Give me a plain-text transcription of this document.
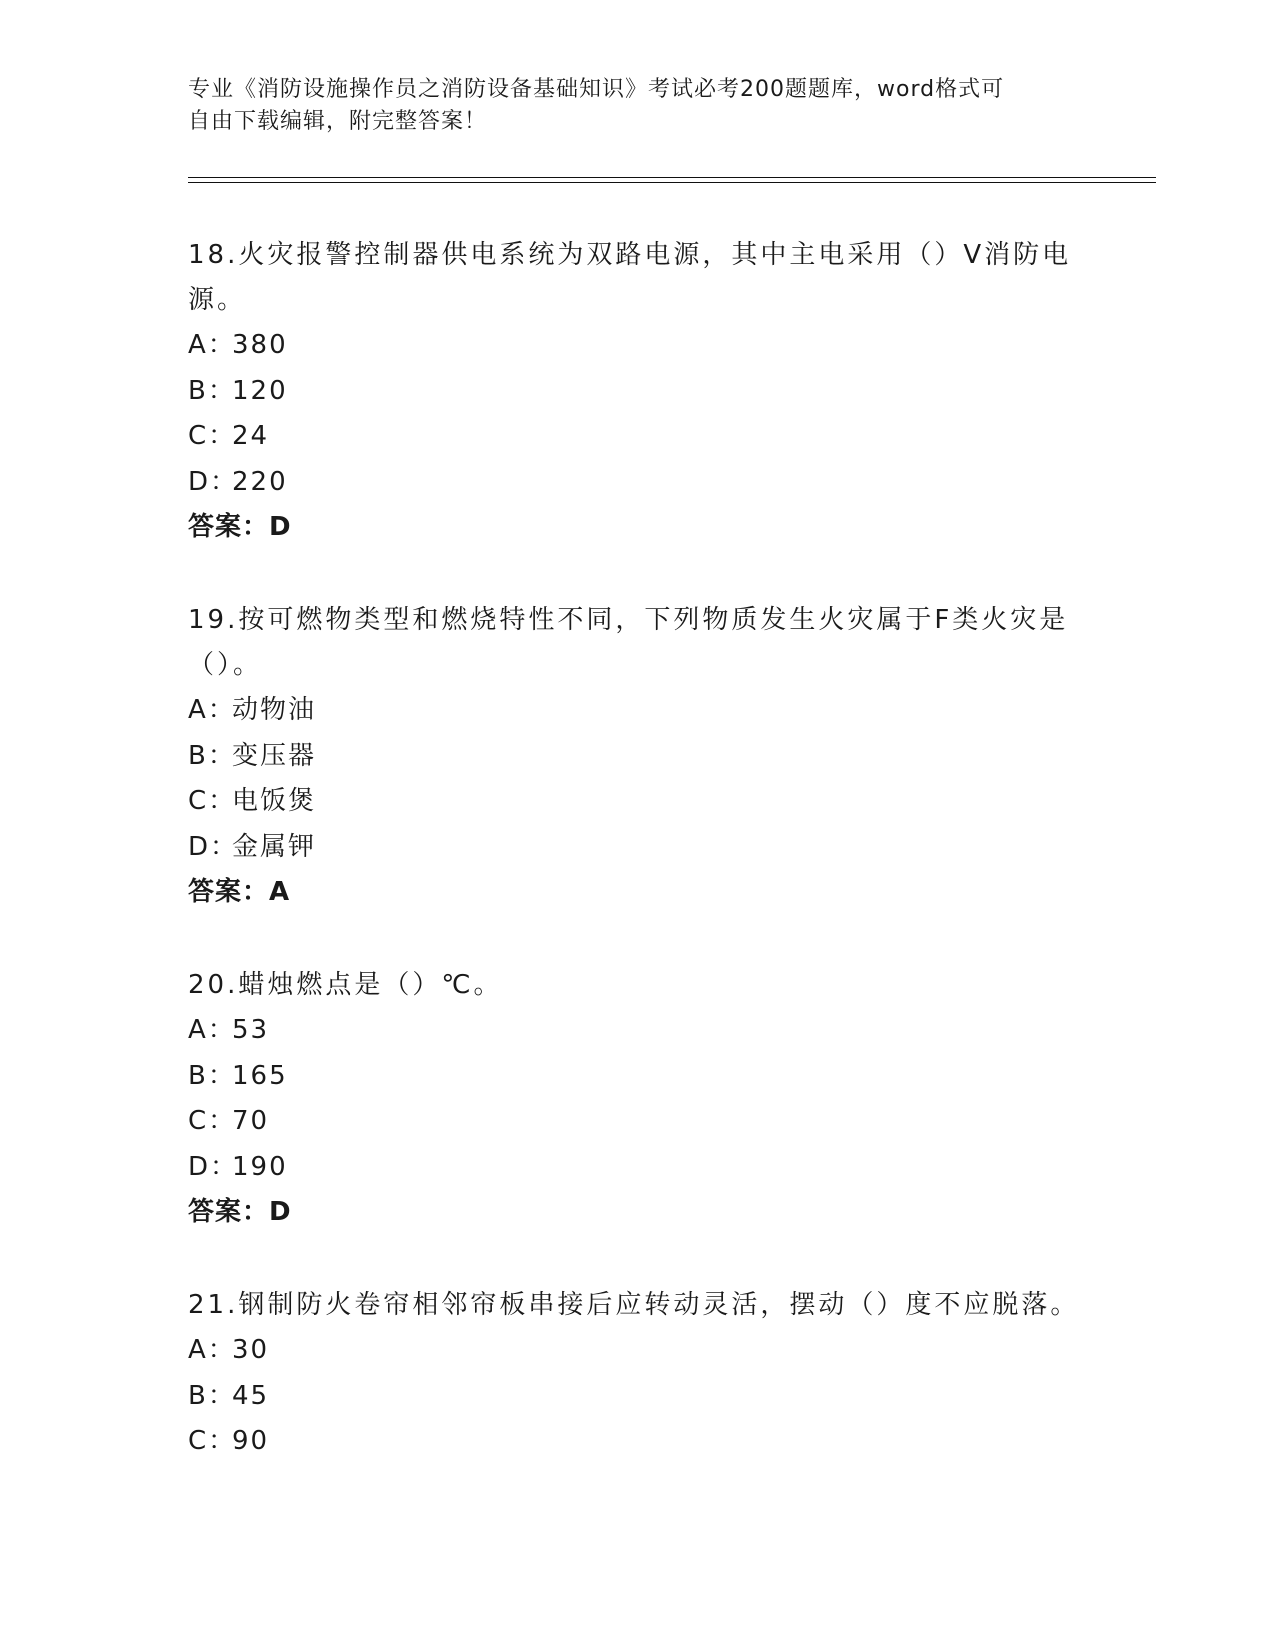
专业《消防设施操作员之消防设备基础知识》考试必考200题题库，word格式可
自由下载编辑，附完整答案！
18.火灾报警控制器供电系统为双路电源，其中主电采用（）V消防电
源。
A：
380
B：
120
C：
24
D：
220
答案：D
19.按可燃物类型和燃烧特性不同，下列物质发生火灾属于F类火灾是
（）。
A：
动物油
B：
变压器
C：
电饭煲
D：
金属钾
答案：A
20.蜡烛燃点是（）℃。
A：
53
B：
165
C：
70
D：
190
答案：D
21.钢制防火卷帘相邻帘板串接后应转动灵活，摆动（）度不应脱落。
A：
30
B：
45
C：
90
